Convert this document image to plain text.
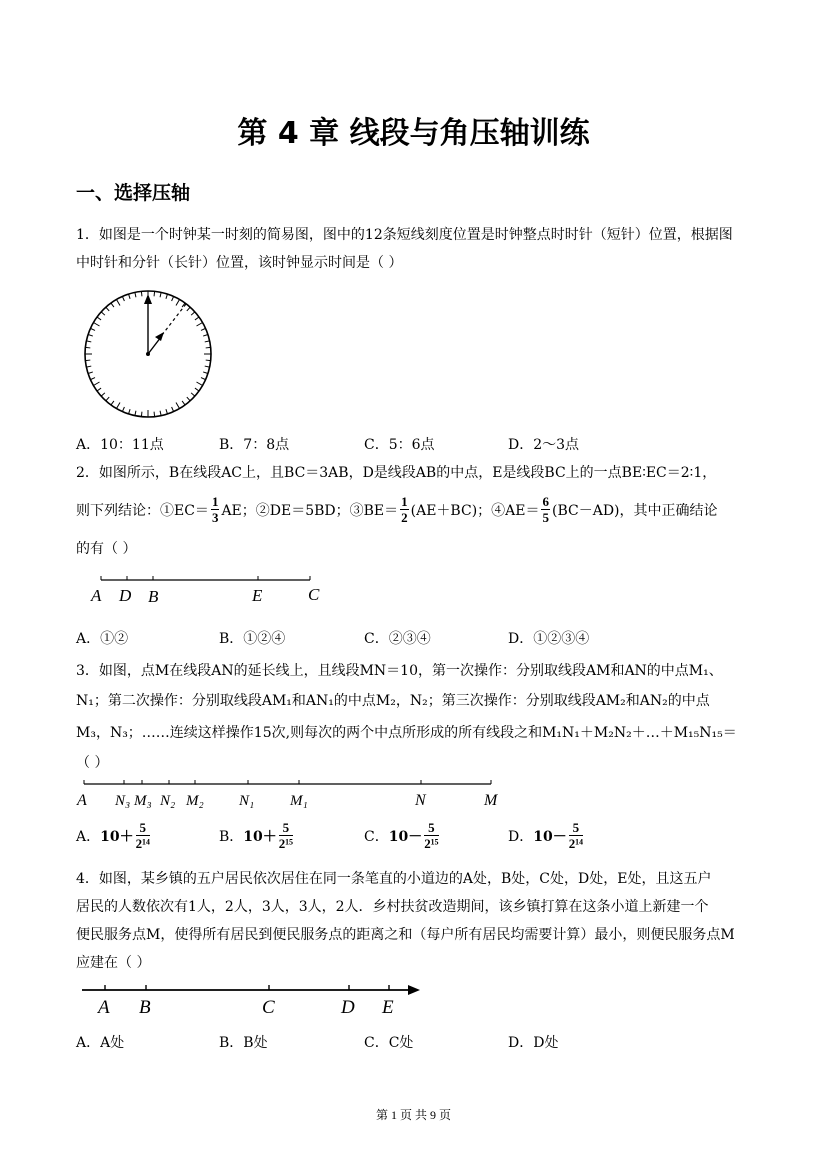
第 4 章 线段与角压轴训练
一、选择压轴
1．如图是一个时钟某一时刻的简易图，图中的12条短线刻度位置是时钟整点时时针（短针）位置，根据图
中时针和分针（长针）位置，该时钟显示时间是（ ）
A．10：11点	B．7：8点	C．5：6点	D．2～3点
2．如图所示，B在线段AC上，且BC＝3AB，D是线段AB的中点，E是线段BC上的一点BE∶EC＝2∶1，
则下列结论：①EC＝ $\frac{1}{3}$ AE；②DE＝5BD；③BE＝ $\frac{1}{2} (AE+BC)$；④AE＝ $\frac{6}{5} (BC-AD)$，其中正确结论
的有（ ）
A D B	E	C
A．①②	B．①②④	C．②③④	D．①②③④
3．如图，点M在线段AN的延长线上，且线段MN＝10，第一次操作：分别取线段AM和AN的中点M₁、
N₁；第二次操作：分别取线段AM₁和AN₁的中点M₂，N₂；第三次操作：分别取线段AM₂和AN₂的中点
M₃，N₃；……连续这样操作15次,则每次的两个中点所形成的所有线段之和M₁N₁＋M₂N₂＋…＋M₁₅N₁₅＝
（ ）
A N₃ M₃ N₂ M₂ N₁ M₁	N	M
A． $10+ \frac{5}{\text{2¹⁴}}$	B． $10+ \frac{5}{\text{2¹⁵}}$	C． $10- \frac{5}{\text{2¹⁵}}$	D． $10- \frac{5}{\text{2¹⁴}}$
4．如图，某乡镇的五户居民依次居住在同一条笔直的小道边的A处，B处，C处，D处，E处，且这五户
居民的人数依次有1人，2人，3人，3人，2人．乡村扶贫改造期间，该乡镇打算在这条小道上新建一个
便民服务点M，使得所有居民到便民服务点的距离之和（每户所有居民均需要计算）最小，则便民服务点M
应建在（ ）
A B	C	D E
A．A处	B．B处	C．C处	D．D处
第 1 页 共 9 页
